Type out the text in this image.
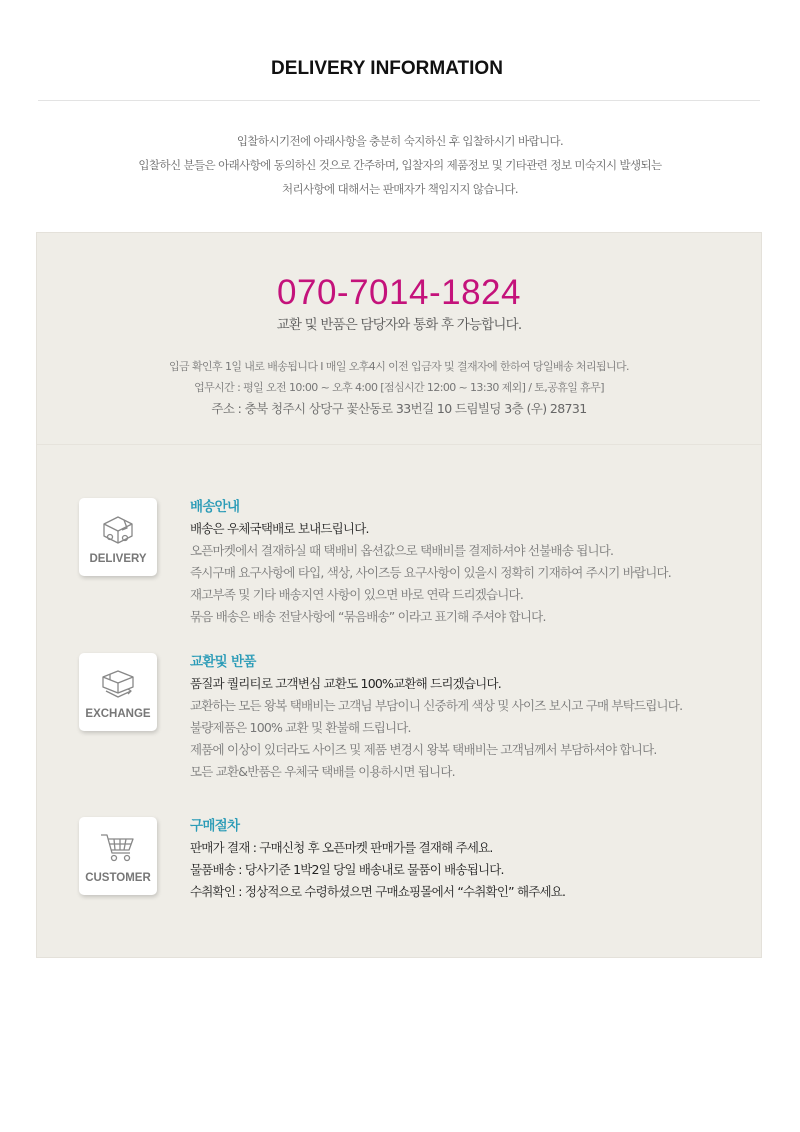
DELIVERY INFORMATION
입찰하시기전에 아래사항을 충분히 숙지하신 후 입찰하시기 바랍니다.
입찰하신 분들은 아래사항에 동의하신 것으로 간주하며, 입찰자의 제품정보 및 기타관련 정보 미숙지시 발생되는
처리사항에 대해서는 판매자가 책임지지 않습니다.
070-7014-1824
교환 및 반품은 담당자와 통화 후 가능합니다.
입금 확인후 1일 내로 배송됩니다 I 매일 오후4시 이전 입금자 및 결재자에 한하여 당일배송 처리됩니다.
업무시간 : 평일 오전 10:00 ~ 오후 4:00 [점심시간 12:00 ~ 13:30 제외] / 토,공휴일 휴무]
주소 : 충북 청주시 상당구 꽃산동로 33번길 10 드림빌딩 3층 (우) 28731
DELIVERY
배송안내
배송은 우체국택배로 보내드립니다.
오픈마켓에서 결재하실 때 택배비 옵션값으로 택배비를 결제하셔야 선불배송 됩니다.
즉시구매 요구사항에 타입, 색상, 사이즈등 요구사항이 있을시 정확히 기재하여 주시기 바랍니다.
재고부족 및 기타 배송지연 사항이 있으면 바로 연락 드리겠습니다.
묶음 배송은 배송 전달사항에 “묶음배송” 이라고 표기해 주셔야 합니다.
EXCHANGE
교환및 반품
품질과 퀄리티로 고객변심 교환도 100%교환해 드리겠습니다.
교환하는 모든 왕복 택배비는 고객님 부담이니 신중하게 색상 및 사이즈 보시고 구매 부탁드립니다.
불량제품은 100% 교환 및 환불해 드립니다.
제품에 이상이 있더라도 사이즈 및 제품 변경시 왕복 택배비는 고객님께서 부담하셔야 합니다.
모든 교환&반품은 우체국 택배를 이용하시면 됩니다.
CUSTOMER
구매절차
판매가 결재 : 구매신청 후 오픈마켓 판매가를 결재해 주세요.
물품배송 : 당사기준 1박2일 당일 배송내로 물품이 배송됩니다.
수취확인 : 정상적으로 수령하셨으면 구매쇼핑몰에서 “수취확인” 해주세요.
